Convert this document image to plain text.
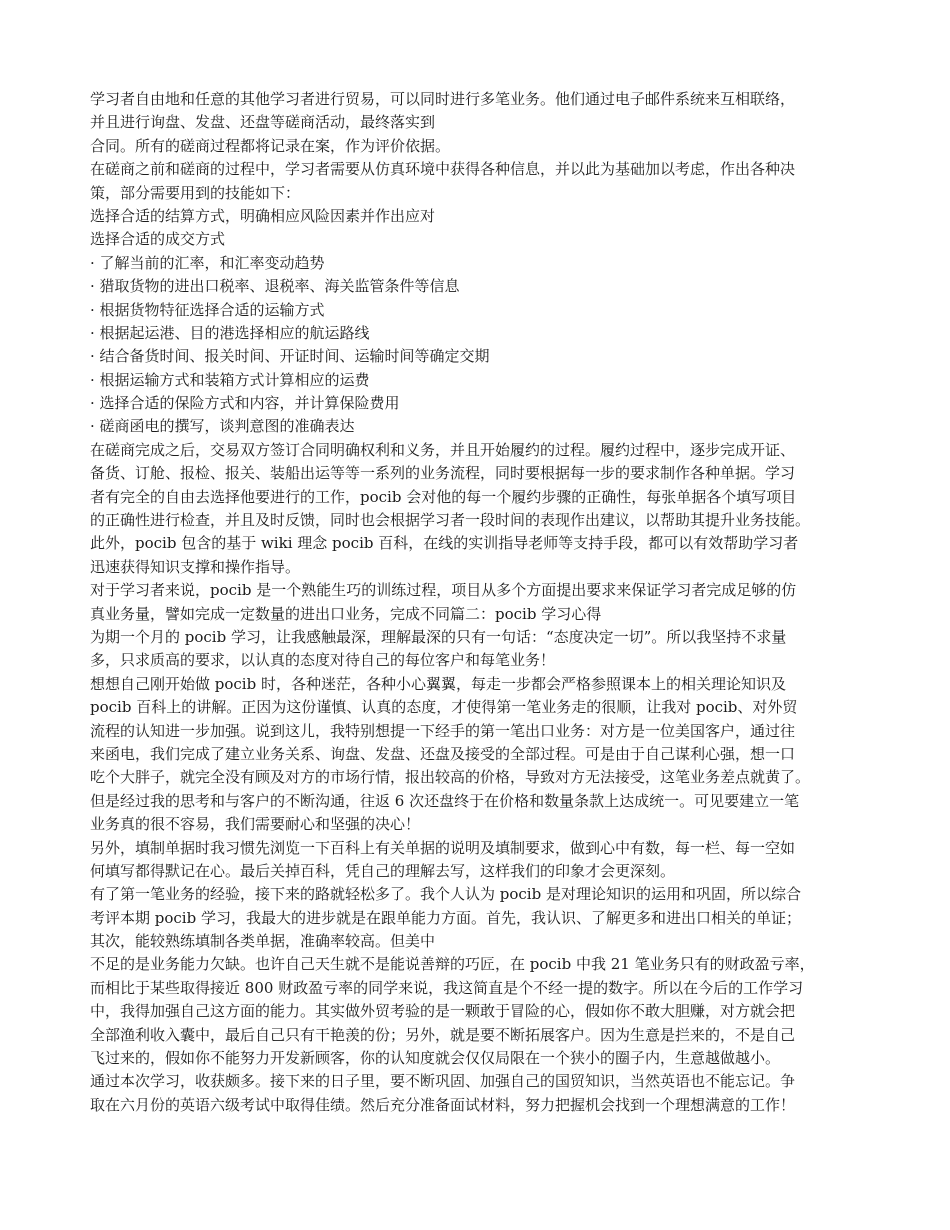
学习者自由地和任意的其他学习者进行贸易，可以同时进行多笔业务。他们通过电子邮件系统来互相联络，
并且进行询盘、发盘、还盘等磋商活动，最终落实到
合同。所有的磋商过程都将记录在案，作为评价依据。
在磋商之前和磋商的过程中，学习者需要从仿真环境中获得各种信息，并以此为基础加以考虑，作出各种决
策，部分需要用到的技能如下：
选择合适的结算方式，明确相应风险因素并作出应对
选择合适的成交方式
· 了解当前的汇率，和汇率变动趋势
· 猎取货物的进出口税率、退税率、海关监管条件等信息
· 根据货物特征选择合适的运输方式
· 根据起运港、目的港选择相应的航运路线
· 结合备货时间、报关时间、开证时间、运输时间等确定交期
· 根据运输方式和装箱方式计算相应的运费
· 选择合适的保险方式和内容，并计算保险费用
· 磋商函电的撰写，谈判意图的准确表达
在磋商完成之后，交易双方签订合同明确权利和义务，并且开始履约的过程。履约过程中，逐步完成开证、
备货、订舱、报检、报关、装船出运等等一系列的业务流程，同时要根据每一步的要求制作各种单据。学习
者有完全的自由去选择他要进行的工作，pocib 会对他的每一个履约步骤的正确性，每张单据各个填写项目
的正确性进行检查，并且及时反馈，同时也会根据学习者一段时间的表现作出建议，以帮助其提升业务技能。
此外，pocib 包含的基于 wiki 理念 pocib 百科，在线的实训指导老师等支持手段，都可以有效帮助学习者
迅速获得知识支撑和操作指导。
对于学习者来说，pocib 是一个熟能生巧的训练过程，项目从多个方面提出要求来保证学习者完成足够的仿
真业务量，譬如完成一定数量的进出口业务，完成不同篇二：pocib 学习心得
为期一个月的 pocib 学习，让我感触最深，理解最深的只有一句话：“态度决定一切”。所以我坚持不求量
多，只求质高的要求，以认真的态度对待自己的每位客户和每笔业务！
想想自己刚开始做 pocib 时，各种迷茫，各种小心翼翼，每走一步都会严格参照课本上的相关理论知识及
pocib 百科上的讲解。正因为这份谨慎、认真的态度，才使得第一笔业务走的很顺，让我对 pocib、对外贸
流程的认知进一步加强。说到这儿，我特别想提一下经手的第一笔出口业务：对方是一位美国客户，通过往
来函电，我们完成了建立业务关系、询盘、发盘、还盘及接受的全部过程。可是由于自己谋利心强，想一口
吃个大胖子，就完全没有顾及对方的市场行情，报出较高的价格，导致对方无法接受，这笔业务差点就黄了。
但是经过我的思考和与客户的不断沟通，往返 6 次还盘终于在价格和数量条款上达成统一。可见要建立一笔
业务真的很不容易，我们需要耐心和坚强的决心！
另外，填制单据时我习惯先浏览一下百科上有关单据的说明及填制要求，做到心中有数，每一栏、每一空如
何填写都得默记在心。最后关掉百科，凭自己的理解去写，这样我们的印象才会更深刻。
有了第一笔业务的经验，接下来的路就轻松多了。我个人认为 pocib 是对理论知识的运用和巩固，所以综合
考评本期 pocib 学习，我最大的进步就是在跟单能力方面。首先，我认识、了解更多和进出口相关的单证；
其次，能较熟练填制各类单据，准确率较高。但美中
不足的是业务能力欠缺。也许自己天生就不是能说善辩的巧匠，在 pocib 中我 21 笔业务只有的财政盈亏率，
而相比于某些取得接近 800 财政盈亏率的同学来说，我这简直是个不经一提的数字。所以在今后的工作学习
中，我得加强自己这方面的能力。其实做外贸考验的是一颗敢于冒险的心，假如你不敢大胆赚，对方就会把
全部渔利收入囊中，最后自己只有干艳羡的份；另外，就是要不断拓展客户。因为生意是拦来的，不是自己
飞过来的，假如你不能努力开发新顾客，你的认知度就会仅仅局限在一个狭小的圈子内，生意越做越小。
通过本次学习，收获颇多。接下来的日子里，要不断巩固、加强自己的国贸知识，当然英语也不能忘记。争
取在六月份的英语六级考试中取得佳绩。然后充分准备面试材料，努力把握机会找到一个理想满意的工作！
